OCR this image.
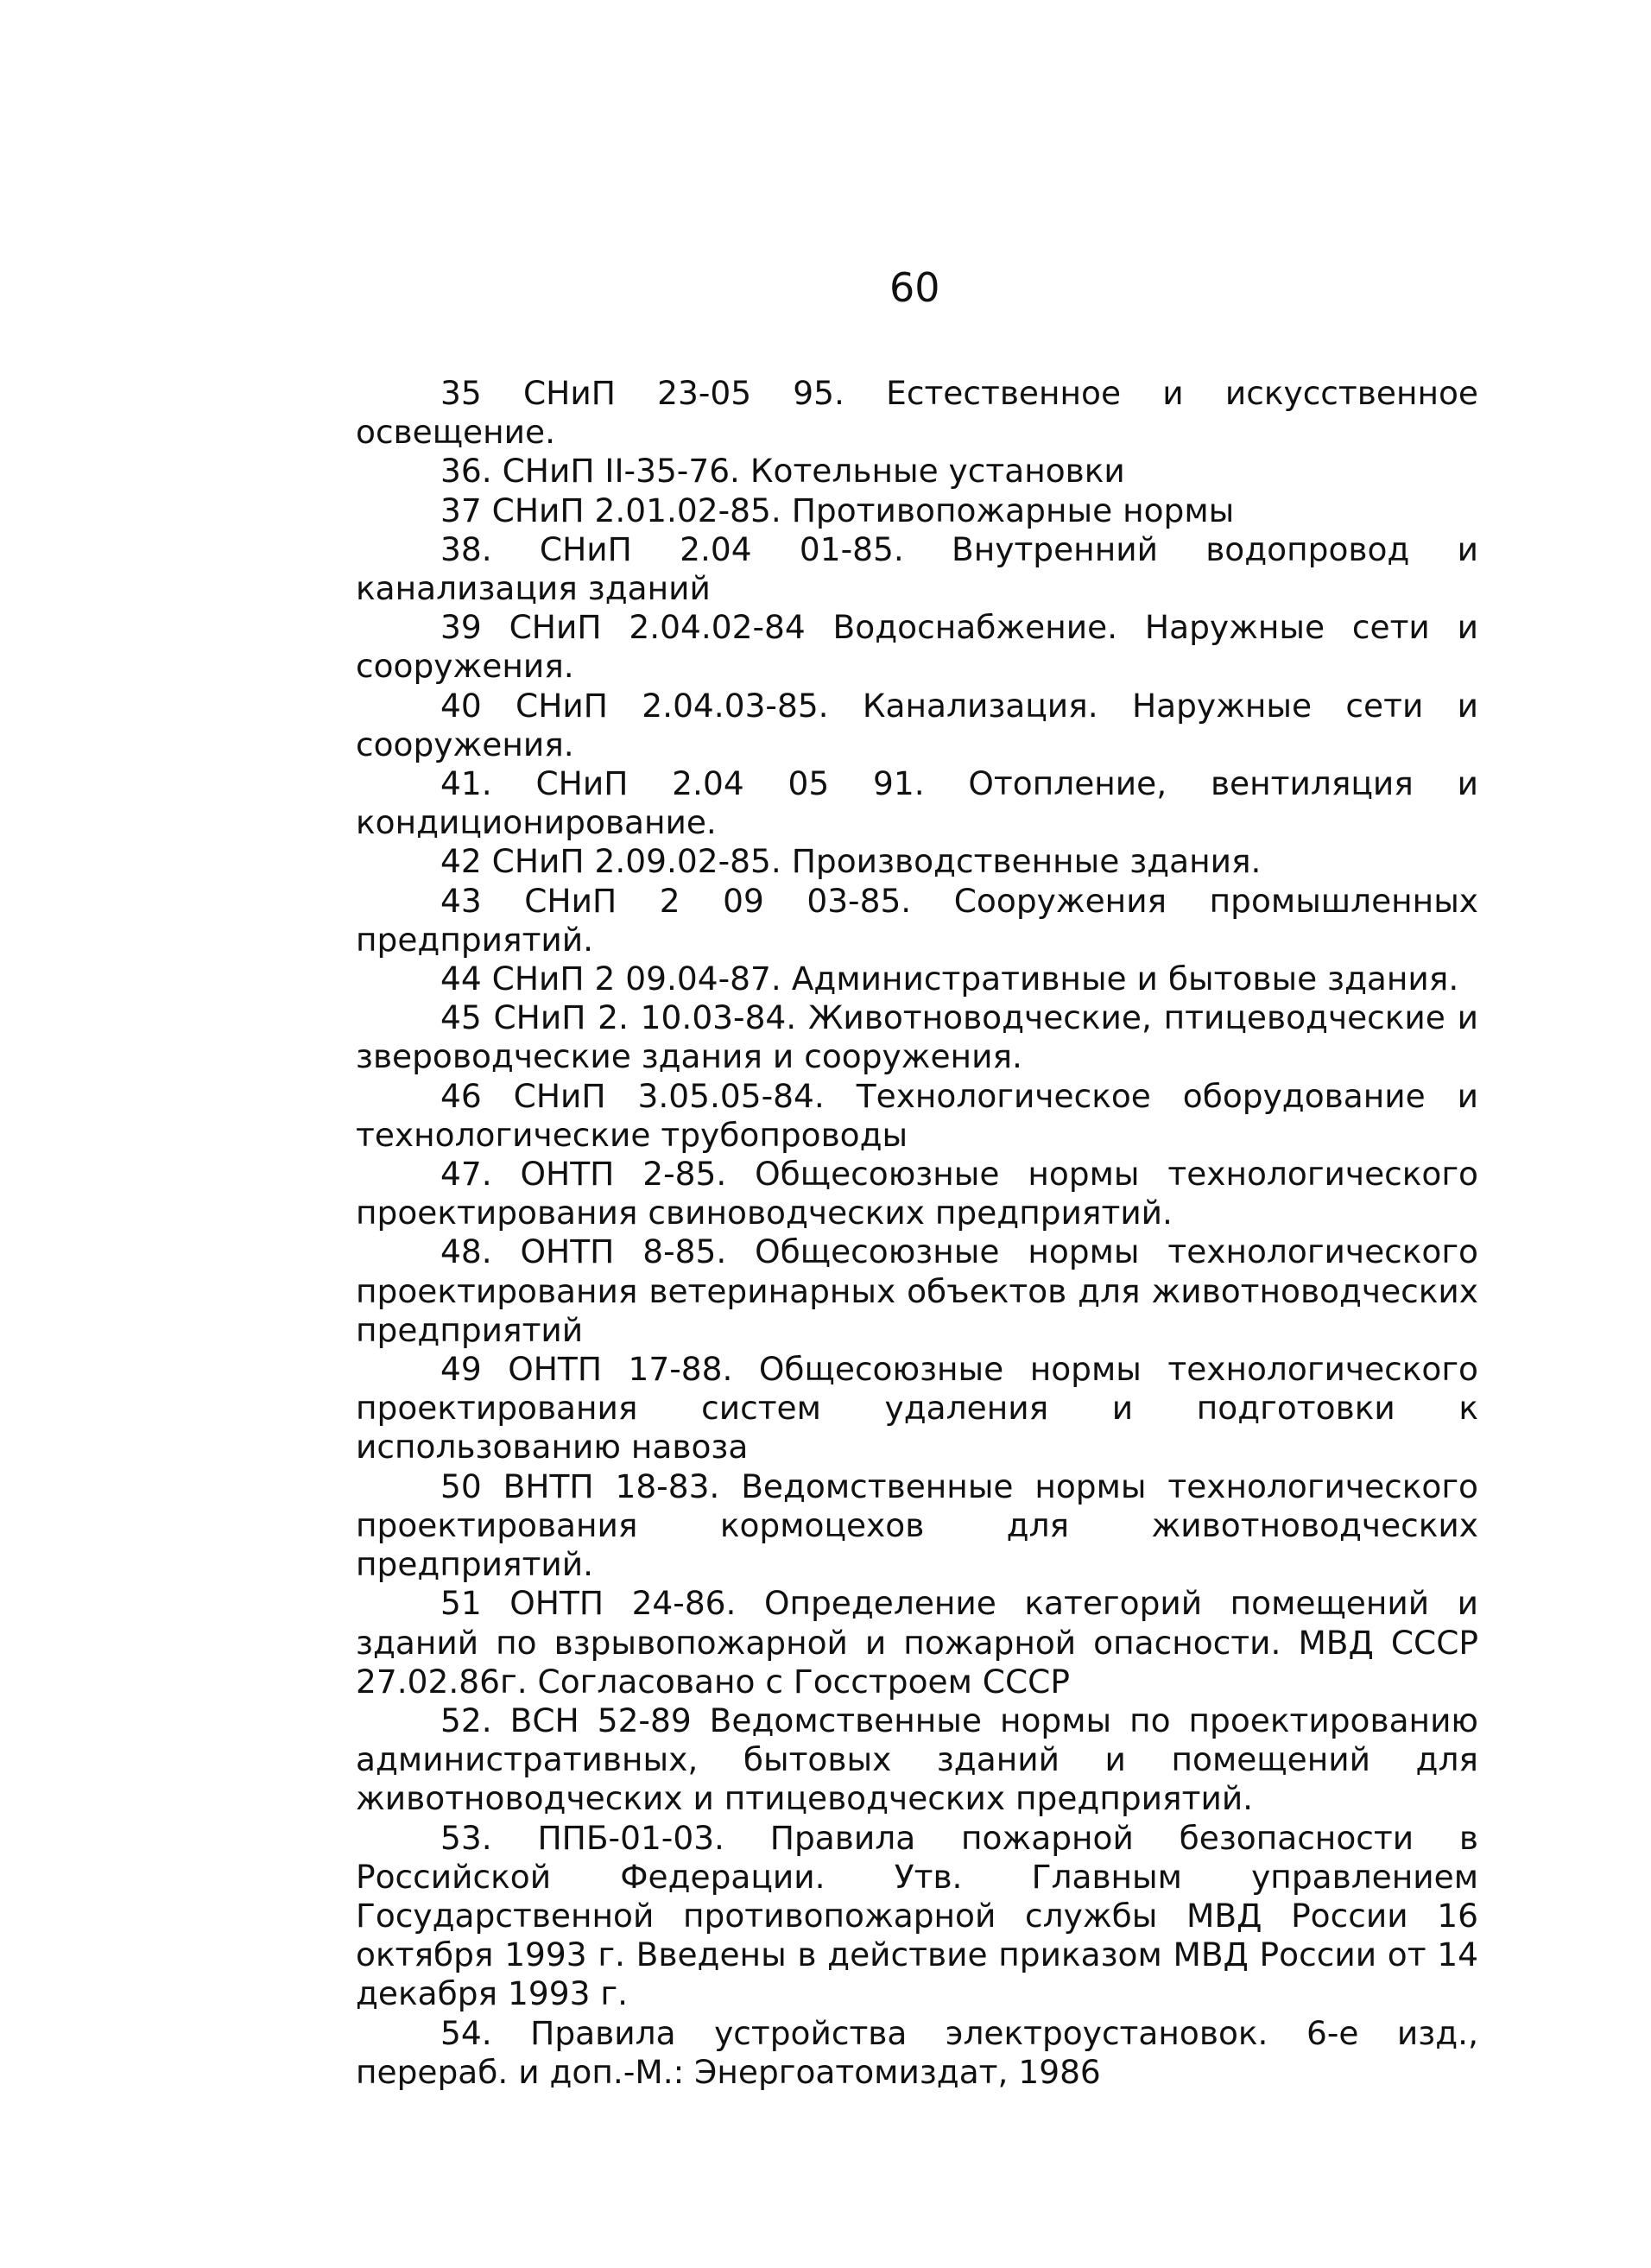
60

35 СНиП 23-05 95. Естественное и искусственное освещение.

36. СНиП II-35-76. Котельные установки

37 СНиП 2.01.02-85. Противопожарные нормы

38. СНиП 2.04 01-85. Внутренний водопровод и канализация зданий

39 СНиП 2.04.02-84 Водоснабжение. Наружные сети и сооружения.

40 СНиП 2.04.03-85. Канализация. Наружные сети и сооружения.

41. СНиП 2.04 05 91. Отопление, вентиляция и кондиционирование.

42 СНиП 2.09.02-85. Производственные здания.

43 СНиП 2 09 03-85. Сооружения промышленных предприятий.

44 СНиП 2 09.04-87. Административные и бытовые здания.

45 СНиП 2. 10.03-84. Животноводческие, птицеводческие и звероводческие здания и сооружения.

46 СНиП 3.05.05-84. Технологическое оборудование и технологические трубопроводы

47. ОНТП 2-85. Общесоюзные нормы технологического проектирования свиноводческих предприятий.

48. ОНТП 8-85. Общесоюзные нормы технологического проектирования ветеринарных объектов для животноводческих предприятий

49 ОНТП 17-88. Общесоюзные нормы технологического проектирования систем удаления и подготовки к использованию навоза

50 ВНТП 18-83. Ведомственные нормы технологического проектирования кормоцехов для животноводческих предприятий.

51 ОНТП 24-86. Определение категорий помещений и зданий по взрывопожарной и пожарной опасности. МВД СССР 27.02.86г. Согласовано с Госстроем СССР

52. ВСН 52-89 Ведомственные нормы по проектированию административных, бытовых зданий и помещений для животноводческих и птицеводческих предприятий.

53. ППБ-01-03. Правила пожарной безопасности в Российской Федерации. Утв. Главным управлением Государственной противопожарной службы МВД России 16 октября 1993 г. Введены в действие приказом МВД России от 14 декабря 1993 г.

54. Правила устройства электроустановок. 6-е изд., перераб. и доп.-М.: Энергоатомиздат, 1986
